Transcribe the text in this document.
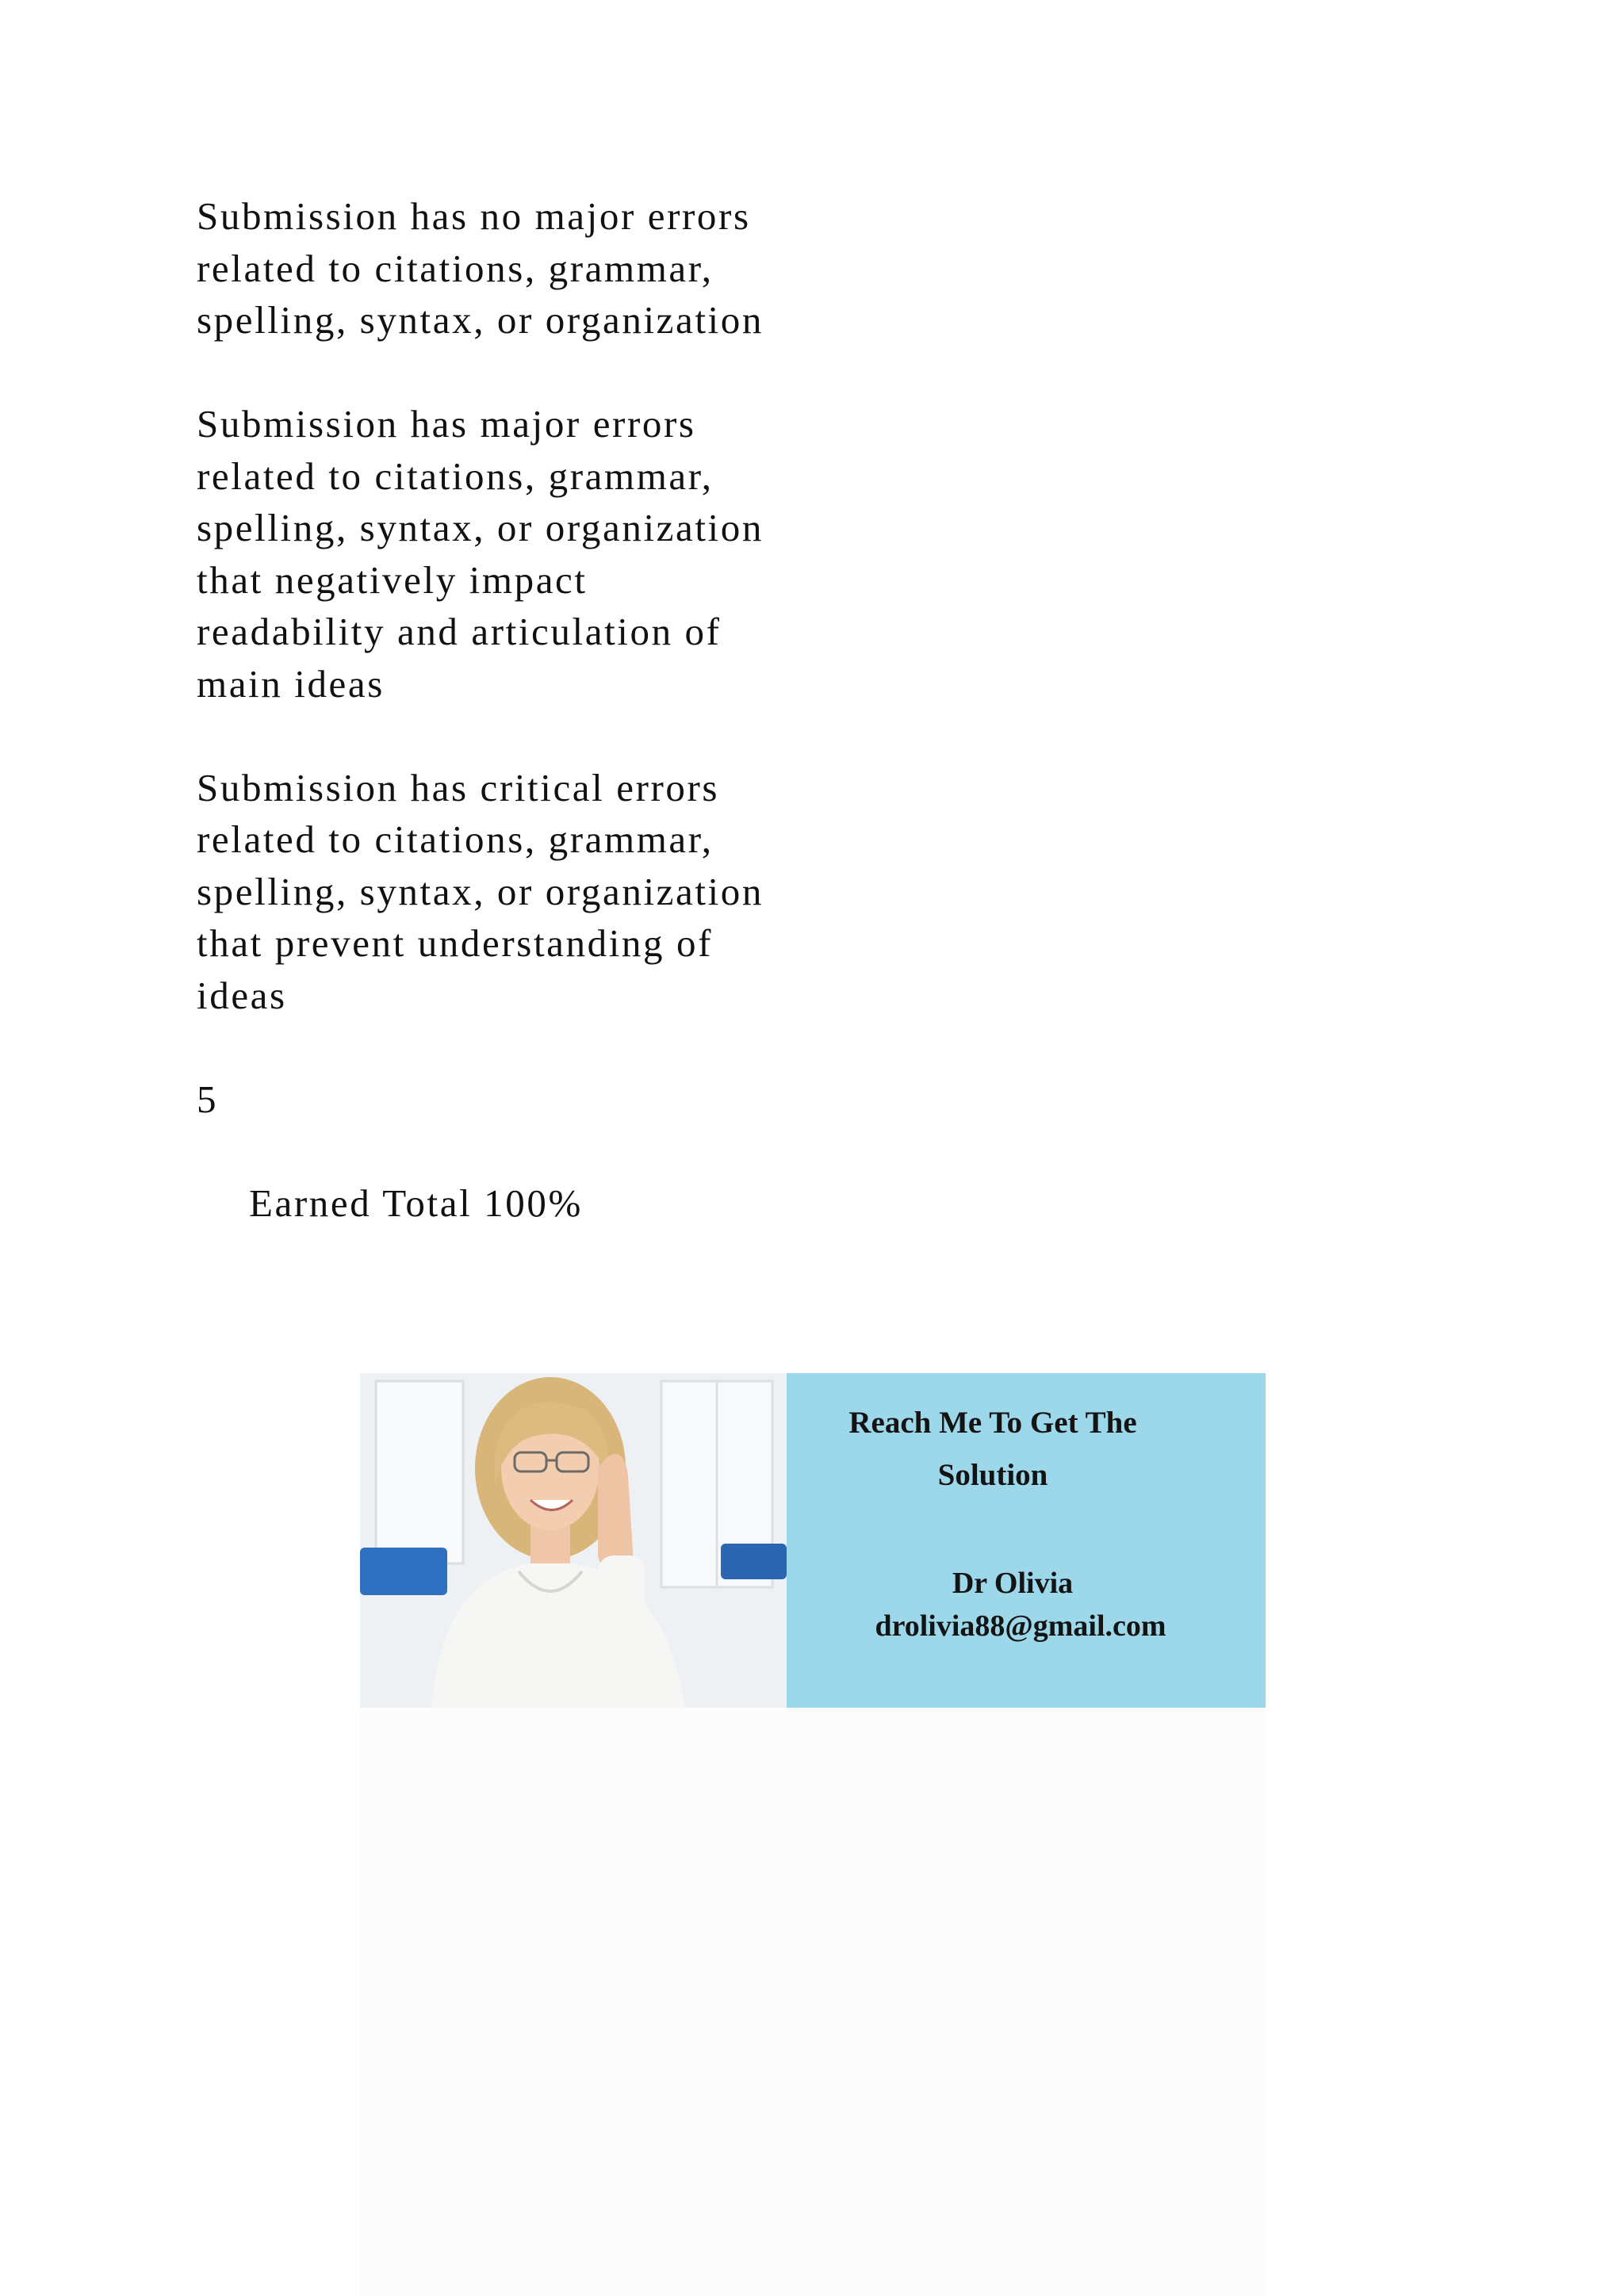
Submission has no major errors
related to citations, grammar,
spelling, syntax, or organization

Submission has major errors
related to citations, grammar,
spelling, syntax, or organization
that negatively impact
readability and articulation of
main ideas

Submission has critical errors
related to citations, grammar,
spelling, syntax, or organization
that prevent understanding of
ideas

5

Earned Total 100%

Reach Me To Get The Solution
Dr Olivia
drolivia88@gmail.com
